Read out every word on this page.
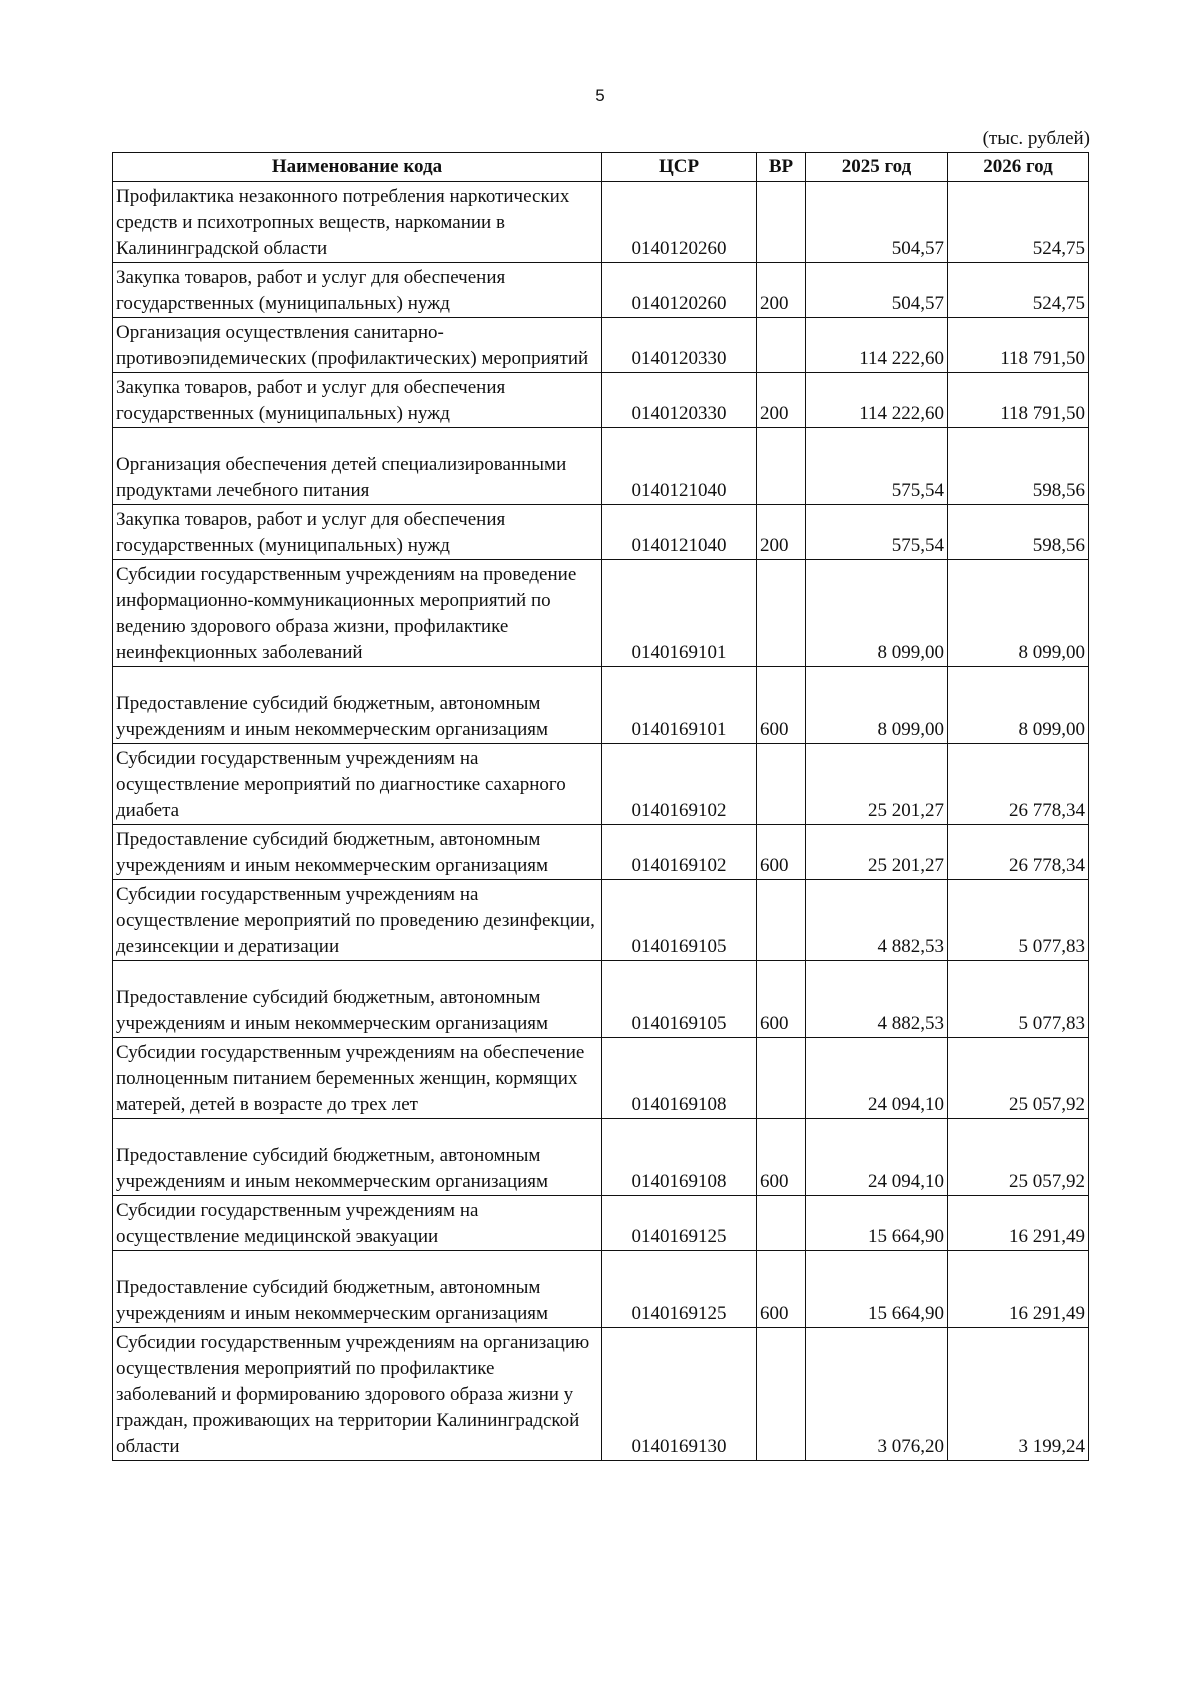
5
(тыс. рублей)
Наименование кода	ЦСР	ВР	2025 год	2026 год
Профилактика незаконного потребления наркотических средств и психотропных веществ, наркомании в Калининградской области	0140120260		504,57	524,75
Закупка товаров, работ и услуг для обеспечения государственных (муниципальных) нужд	0140120260	200	504,57	524,75
Организация осуществления санитарно-противоэпидемических (профилактических) мероприятий	0140120330		114 222,60	118 791,50
Закупка товаров, работ и услуг для обеспечения государственных (муниципальных) нужд	0140120330	200	114 222,60	118 791,50
Организация обеспечения детей специализированными продуктами лечебного питания	0140121040		575,54	598,56
Закупка товаров, работ и услуг для обеспечения государственных (муниципальных) нужд	0140121040	200	575,54	598,56
Субсидии государственным учреждениям на проведение информационно-коммуникационных мероприятий по ведению здорового образа жизни, профилактике неинфекционных заболеваний	0140169101		8 099,00	8 099,00
Предоставление субсидий бюджетным, автономным учреждениям и иным некоммерческим организациям	0140169101	600	8 099,00	8 099,00
Субсидии государственным учреждениям на осуществление мероприятий по диагностике сахарного диабета	0140169102		25 201,27	26 778,34
Предоставление субсидий бюджетным, автономным учреждениям и иным некоммерческим организациям	0140169102	600	25 201,27	26 778,34
Субсидии государственным учреждениям на осуществление мероприятий по проведению дезинфекции, дезинсекции и дератизации	0140169105		4 882,53	5 077,83
Предоставление субсидий бюджетным, автономным учреждениям и иным некоммерческим организациям	0140169105	600	4 882,53	5 077,83
Субсидии государственным учреждениям на обеспечение полноценным питанием беременных женщин, кормящих матерей, детей в возрасте до трех лет	0140169108		24 094,10	25 057,92
Предоставление субсидий бюджетным, автономным учреждениям и иным некоммерческим организациям	0140169108	600	24 094,10	25 057,92
Субсидии государственным учреждениям на осуществление медицинской эвакуации	0140169125		15 664,90	16 291,49
Предоставление субсидий бюджетным, автономным учреждениям и иным некоммерческим организациям	0140169125	600	15 664,90	16 291,49
Субсидии государственным учреждениям на организацию осуществления мероприятий по профилактике заболеваний и формированию здорового образа жизни у граждан, проживающих на территории Калининградской области	0140169130		3 076,20	3 199,24
